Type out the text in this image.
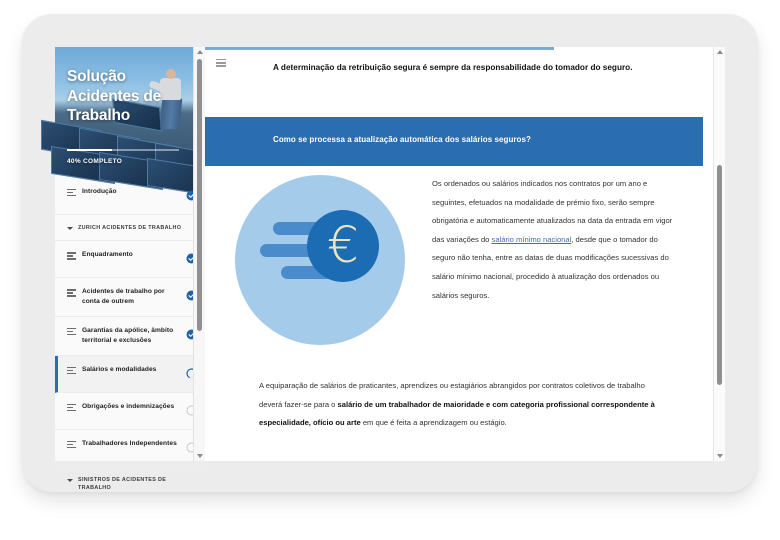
Solução
Acidentes de
Trabalho
40% COMPLETO
Introdução
ZURICH ACIDENTES DE TRABALHO
Enquadramento
Acidentes de trabalho por conta de outrem
Garantias da apólice, âmbito territorial e exclusões
Salários e modalidades
Obrigações e indemnizações
Trabalhadores Independentes
SINISTROS DE ACIDENTES DE TRABALHO
A determinação da retribuição segura é sempre da responsabilidade do tomador do seguro.
Como se processa a atualização automática dos salários seguros?
€
Os ordenados ou salários indicados nos contratos por um ano e seguintes, efetuados na modalidade de prémio fixo, serão sempre obrigatória e automaticamente atualizados na data da entrada em vigor das variações do salário mínimo nacional, desde que o tomador do seguro não tenha, entre as datas de duas modificações sucessivas do salário mínimo nacional, procedido à atualização dos ordenados ou salários seguros.
A equiparação de salários de praticantes, aprendizes ou estagiários abrangidos por contratos coletivos de trabalho deverá fazer-se para o salário de um trabalhador de maioridade e com categoria profissional correspondente à especialidade, ofício ou arte em que é feita a aprendizagem ou estágio.
